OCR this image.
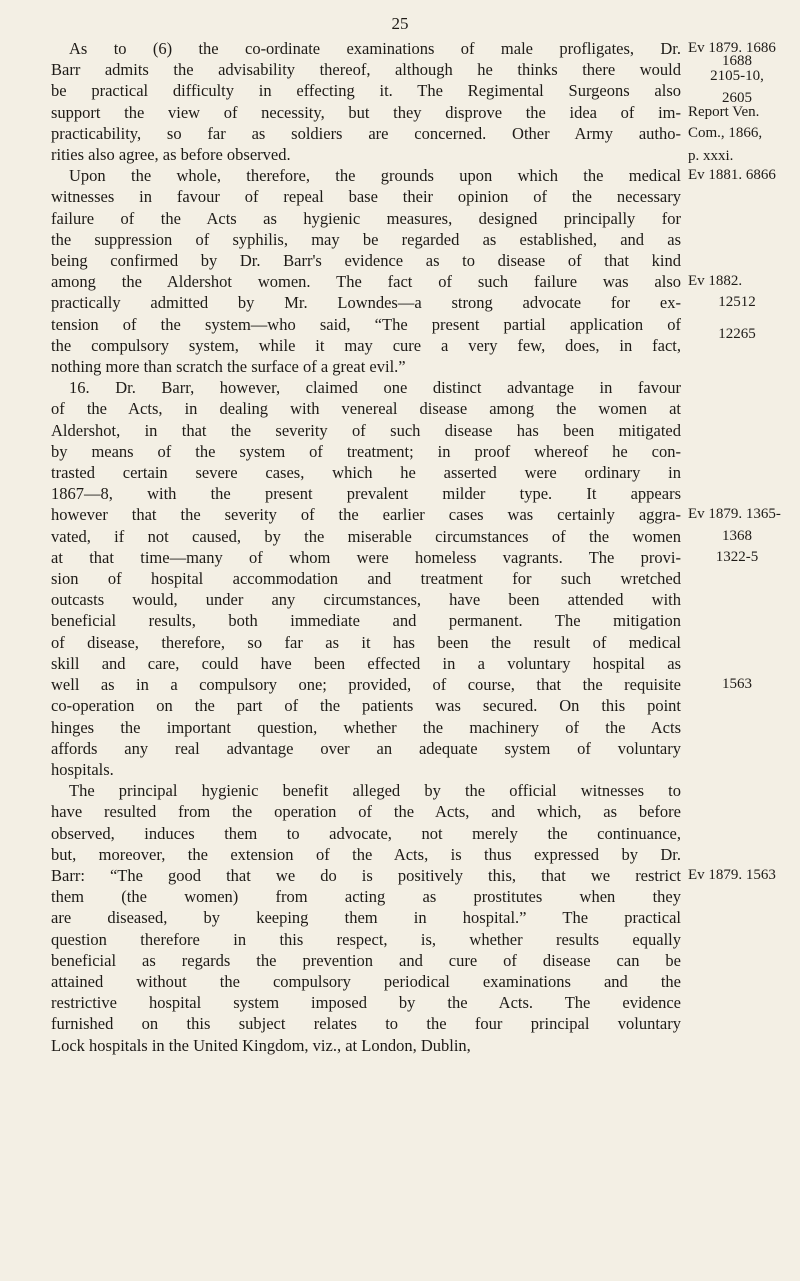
25
As to (6) the co-ordinate examinations of male profligates, Dr.
Barr admits the advisability thereof, although he thinks there would
be practical difficulty in effecting it. The Regimental Surgeons also
support the view of necessity, but they disprove the idea of im-
practicability, so far as soldiers are concerned. Other Army autho-
rities also agree, as before observed.
Upon the whole, therefore, the grounds upon which the medical
witnesses in favour of repeal base their opinion of the necessary
failure of the Acts as hygienic measures, designed principally for
the suppression of syphilis, may be regarded as established, and as
being confirmed by Dr. Barr's evidence as to disease of that kind
among the Aldershot women. The fact of such failure was also
practically admitted by Mr. Lowndes—a strong advocate for ex-
tension of the system—who said, “The present partial application of
the compulsory system, while it may cure a very few, does, in fact,
nothing more than scratch the surface of a great evil.”
16. Dr. Barr, however, claimed one distinct advantage in favour
of the Acts, in dealing with venereal disease among the women at
Aldershot, in that the severity of such disease has been mitigated
by means of the system of treatment; in proof whereof he con-
trasted certain severe cases, which he asserted were ordinary in
1867—8, with the present prevalent milder type. It appears
however that the severity of the earlier cases was certainly aggra-
vated, if not caused, by the miserable circumstances of the women
at that time—many of whom were homeless vagrants. The provi-
sion of hospital accommodation and treatment for such wretched
outcasts would, under any circumstances, have been attended with
beneficial results, both immediate and permanent. The mitigation
of disease, therefore, so far as it has been the result of medical
skill and care, could have been effected in a voluntary hospital as
well as in a compulsory one; provided, of course, that the requisite
co-operation on the part of the patients was secured. On this point
hinges the important question, whether the machinery of the Acts
affords any real advantage over an adequate system of voluntary
hospitals.
The principal hygienic benefit alleged by the official witnesses to
have resulted from the operation of the Acts, and which, as before
observed, induces them to advocate, not merely the continuance,
but, moreover, the extension of the Acts, is thus expressed by Dr.
Barr: “The good that we do is positively this, that we restrict
them (the women) from acting as prostitutes when they
are diseased, by keeping them in hospital.” The practical
question therefore in this respect, is, whether results equally
beneficial as regards the prevention and cure of disease can be
attained without the compulsory periodical examinations and the
restrictive hospital system imposed by the Acts. The evidence
furnished on this subject relates to the four principal voluntary
Lock hospitals in the United Kingdom, viz., at London, Dublin,
Ev 1879. 1686
1688
2105-10,
2605
Report Ven.
Com., 1866,
p. xxxi.
Ev 1881. 6866
Ev 1882.
12512
12265
Ev 1879. 1365-
1368
1322-5
1563
Ev 1879. 1563
